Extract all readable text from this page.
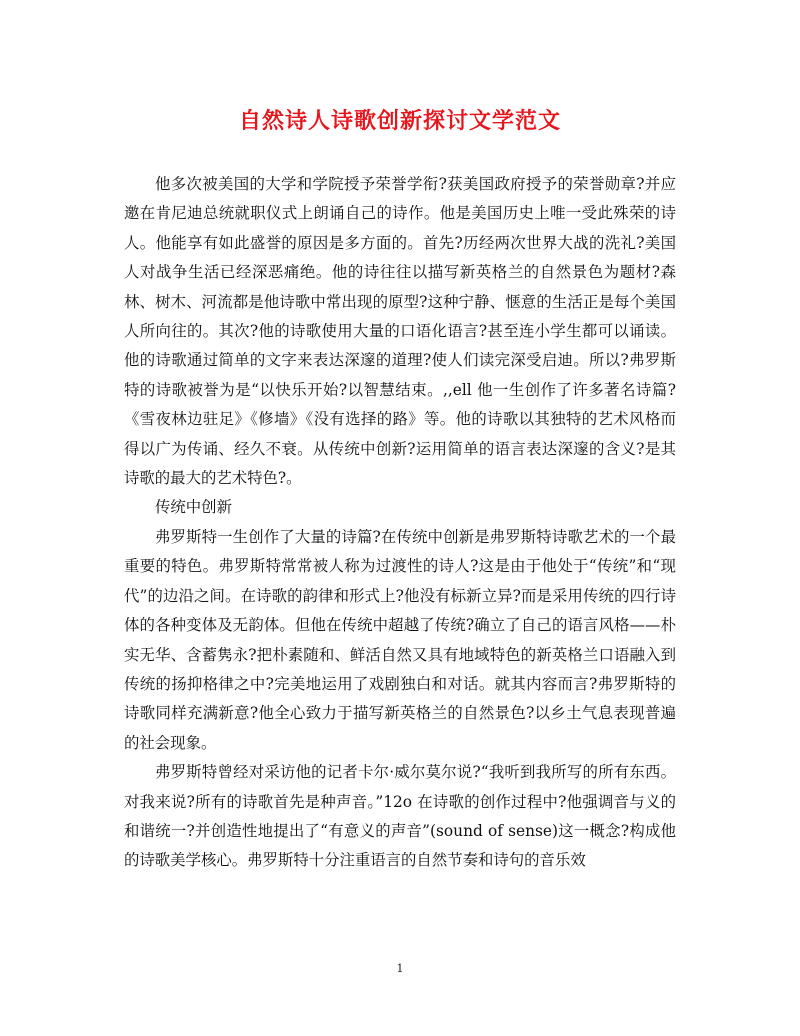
自然诗人诗歌创新探讨文学范文

他多次被美国的大学和学院授予荣誉学衔?获美国政府授予的荣誉勋章?并应邀在肯尼迪总统就职仪式上朗诵自己的诗作。他是美国历史上唯一受此殊荣的诗人。他能享有如此盛誉的原因是多方面的。首先?历经两次世界大战的洗礼?美国人对战争生活已经深恶痛绝。他的诗往往以描写新英格兰的自然景色为题材?森林、树木、河流都是他诗歌中常出现的原型?这种宁静、惬意的生活正是每个美国人所向往的。其次?他的诗歌使用大量的口语化语言?甚至连小学生都可以诵读。他的诗歌通过简单的文字来表达深邃的道理?使人们读完深受启迪。所以?弗罗斯特的诗歌被誉为是“以快乐开始?以智慧结束。,,ell 他一生创作了许多著名诗篇?《雪夜林边驻足》《修墙》《没有选择的路》等。他的诗歌以其独特的艺术风格而得以广为传诵、经久不衰。从传统中创新?运用简单的语言表达深邃的含义?是其诗歌的最大的艺术特色?。

传统中创新

弗罗斯特一生创作了大量的诗篇?在传统中创新是弗罗斯特诗歌艺术的一个最重要的特色。弗罗斯特常常被人称为过渡性的诗人?这是由于他处于“传统”和“现代”的边沿之间。在诗歌的韵律和形式上?他没有标新立异?而是采用传统的四行诗体的各种变体及无韵体。但他在传统中超越了传统?确立了自己的语言风格——朴实无华、含蓄隽永?把朴素随和、鲜活自然又具有地域特色的新英格兰口语融入到传统的扬抑格律之中?完美地运用了戏剧独白和对话。就其内容而言?弗罗斯特的诗歌同样充满新意?他全心致力于描写新英格兰的自然景色?以乡土气息表现普遍的社会现象。

弗罗斯特曾经对采访他的记者卡尔·威尔莫尔说?“我听到我所写的所有东西。对我来说?所有的诗歌首先是种声音。”12o 在诗歌的创作过程中?他强调音与义的和谐统一?并创造性地提出了“有意义的声音”(sound of sense)这一概念?构成他的诗歌美学核心。弗罗斯特十分注重语言的自然节奏和诗句的音乐效

1
